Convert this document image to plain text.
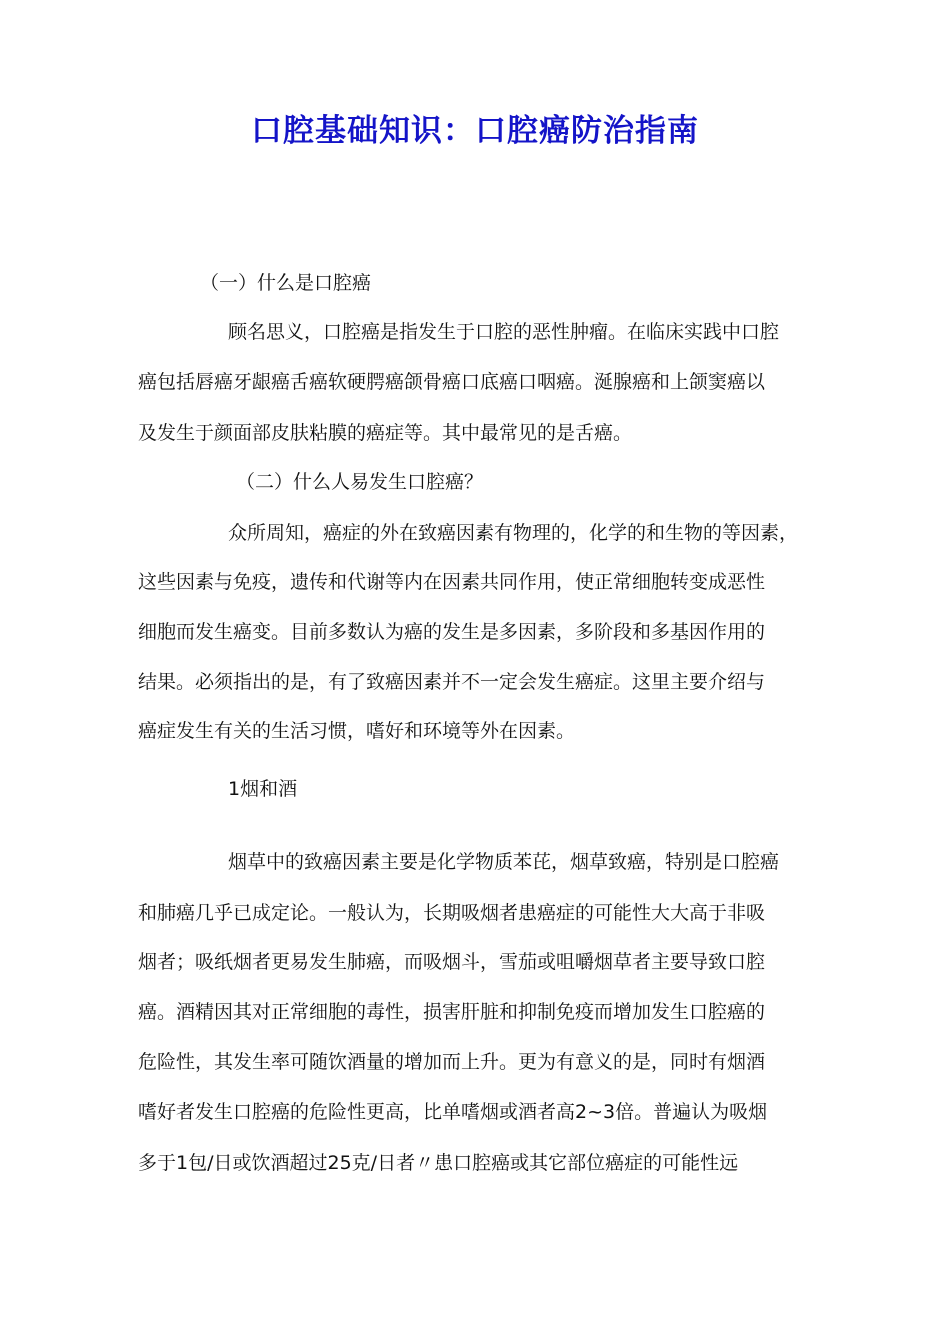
口腔基础知识：口腔癌防治指南

（一）什么是口腔癌

顾名思义，口腔癌是指发生于口腔的恶性肿瘤。在临床实践中口腔

癌包括唇癌牙龈癌舌癌软硬腭癌颌骨癌口底癌口咽癌。涎腺癌和上颌窦癌以

及发生于颜面部皮肤粘膜的癌症等。其中最常见的是舌癌。

（二）什么人易发生口腔癌？

众所周知，癌症的外在致癌因素有物理的，化学的和生物的等因素，

这些因素与免疫，遗传和代谢等内在因素共同作用，使正常细胞转变成恶性

细胞而发生癌变。目前多数认为癌的发生是多因素，多阶段和多基因作用的

结果。必须指出的是，有了致癌因素并不一定会发生癌症。这里主要介绍与

癌症发生有关的生活习惯，嗜好和环境等外在因素。

1烟和酒

烟草中的致癌因素主要是化学物质苯芘，烟草致癌，特别是口腔癌

和肺癌几乎已成定论。一般认为，长期吸烟者患癌症的可能性大大高于非吸

烟者；吸纸烟者更易发生肺癌，而吸烟斗，雪茄或咀嚼烟草者主要导致口腔

癌。酒精因其对正常细胞的毒性，损害肝脏和抑制免疫而增加发生口腔癌的

危险性，其发生率可随饮酒量的增加而上升。更为有意义的是，同时有烟酒

嗜好者发生口腔癌的危险性更高，比单嗜烟或酒者高2~3倍。普遍认为吸烟

多于1包/日或饮酒超过25克/日者〃患口腔癌或其它部位癌症的可能性远
